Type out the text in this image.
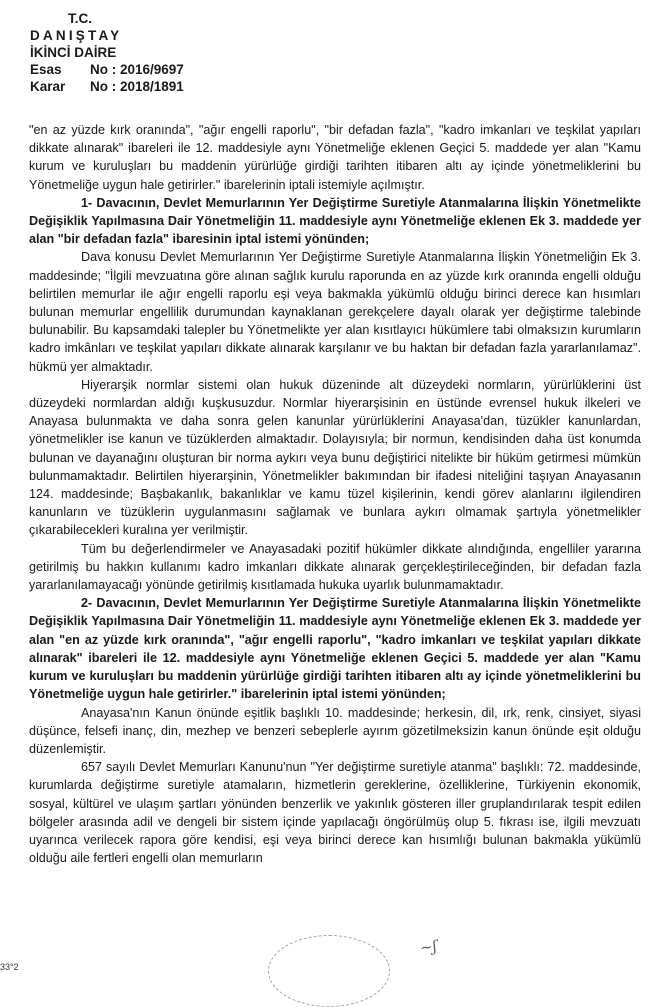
T.C.
DANIŞTAY
İKİNCİ DAİRE
Esas	No : 2016/9697
Karar	No : 2018/1891

"en az yüzde kırk oranında", "ağır engelli raporlu", "bir defadan fazla", "kadro imkanları ve teşkilat yapıları dikkate alınarak" ibareleri ile 12. maddesiyle aynı Yönetmeliğe eklenen Geçici 5. maddede yer alan "Kamu kurum ve kuruluşları bu maddenin yürürlüğe girdiği tarihten itibaren altı ay içinde yönetmeliklerini bu Yönetmeliğe uygun hale getirirler." ibarelerinin iptali istemiyle açılmıştır.

1- Davacının, Devlet Memurlarının Yer Değiştirme Suretiyle Atanmalarına İlişkin Yönetmelikte Değişiklik Yapılmasına Dair Yönetmeliğin 11. maddesiyle aynı Yönetmeliğe eklenen Ek 3. maddede yer alan "bir defadan fazla" ibaresinin iptal istemi yönünden;

Dava konusu Devlet Memurlarının Yer Değiştirme Suretiyle Atanmalarına İlişkin Yönetmeliğin Ek 3. maddesinde; "İlgili mevzuatına göre alınan sağlık kurulu raporunda en az yüzde kırk oranında engelli olduğu belirtilen memurlar ile ağır engelli raporlu eşi veya bakmakla yükümlü olduğu birinci derece kan hısımları bulunan memurlar engellilik durumundan kaynaklanan gerekçelere dayalı olarak yer değiştirme talebinde bulunabilir. Bu kapsamdaki talepler bu Yönetmelikte yer alan kısıtlayıcı hükümlere tabi olmaksızın kurumların kadro imkânları ve teşkilat yapıları dikkate alınarak karşılanır ve bu haktan bir defadan fazla yararlanılamaz". hükmü yer almaktadır.

Hiyerarşik normlar sistemi olan hukuk düzeninde alt düzeydeki normların, yürürlüklerini üst düzeydeki normlardan aldığı kuşkusuzdur. Normlar hiyerarşisinin en üstünde evrensel hukuk ilkeleri ve Anayasa bulunmakta ve daha sonra gelen kanunlar yürürlüklerini Anayasa'dan, tüzükler kanunlardan, yönetmelikler ise kanun ve tüzüklerden almaktadır. Dolayısıyla; bir normun, kendisinden daha üst konumda bulunan ve dayanağını oluşturan bir norma aykırı veya bunu değiştirici nitelikte bir hüküm getirmesi mümkün bulunmamaktadır. Belirtilen hiyerarşinin, Yönetmelikler bakımından bir ifadesi niteliğini taşıyan Anayasanın 124. maddesinde; Başbakanlık, bakanlıklar ve kamu tüzel kişilerinin, kendi görev alanlarını ilgilendiren kanunların ve tüzüklerin uygulanmasını sağlamak ve bunlara aykırı olmamak şartıyla yönetmelikler çıkarabilecekleri kuralına yer verilmiştir.

Tüm bu değerlendirmeler ve Anayasadaki pozitif hükümler dikkate alındığında, engelliler yararına getirilmiş bu hakkın kullanımı kadro imkanları dikkate alınarak gerçekleştirileceğinden, bir defadan fazla yararlanılamayacağı yönünde getirilmiş kısıtlamada hukuka uyarlık bulunmamaktadır.

2- Davacının, Devlet Memurlarının Yer Değiştirme Suretiyle Atanmalarına İlişkin Yönetmelikte Değişiklik Yapılmasına Dair Yönetmeliğin 11. maddesiyle aynı Yönetmeliğe eklenen Ek 3. maddede yer alan "en az yüzde kırk oranında", "ağır engelli raporlu", "kadro imkanları ve teşkilat yapıları dikkate alınarak" ibareleri ile 12. maddesiyle aynı Yönetmeliğe eklenen Geçici 5. maddede yer alan "Kamu kurum ve kuruluşları bu maddenin yürürlüğe girdiği tarihten itibaren altı ay içinde yönetmeliklerini bu Yönetmeliğe uygun hale getirirler." ibarelerinin iptal istemi yönünden;

Anayasa'nın Kanun önünde eşitlik başlıklı 10. maddesinde; herkesin, dil, ırk, renk, cinsiyet, siyasi düşünce, felsefi inanç, din, mezhep ve benzeri sebeplerle ayırım gözetilmeksizin kanun önünde eşit olduğu düzenlemiştir.

657 sayılı Devlet Memurları Kanunu'nun "Yer değiştirme suretiyle atanma" başlıklı: 72. maddesinde, kurumlarda değiştirme suretiyle atamaların, hizmetlerin gereklerine, özelliklerine, Türkiyenin ekonomik, sosyal, kültürel ve ulaşım şartları yönünden benzerlik ve yakınlık gösteren iller gruplandırılarak tespit edilen bölgeler arasında adil ve dengeli bir sistem içinde yapılacağı öngörülmüş olup 5. fıkrası ise, ilgili mevzuatı uyarınca verilecek rapora göre kendisi, eşi veya birinci derece kan hısımlığı bulunan bakmakla yükümlü olduğu aile fertleri engelli olan memurların

~ʃ
33°2
